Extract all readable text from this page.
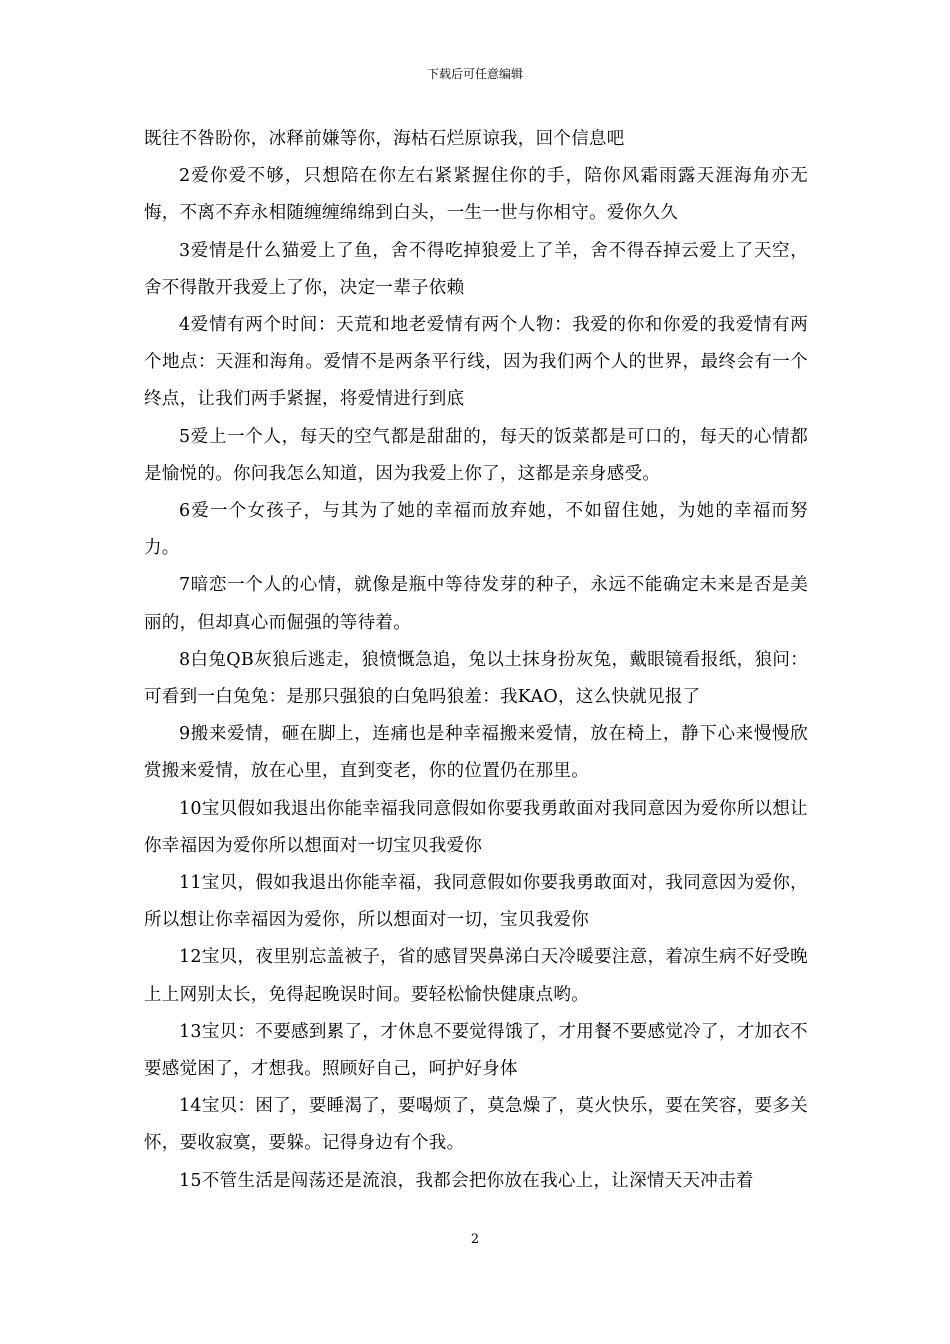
下载后可任意编辑

既往不咎盼你，冰释前嫌等你，海枯石烂原谅我，回个信息吧

2爱你爱不够，只想陪在你左右紧紧握住你的手，陪你风霜雨露天涯海角亦无悔，不离不弃永相随缠缠绵绵到白头，一生一世与你相守。爱你久久

3爱情是什么猫爱上了鱼，舍不得吃掉狼爱上了羊，舍不得吞掉云爱上了天空，舍不得散开我爱上了你，决定一辈子依赖

4爱情有两个时间：天荒和地老爱情有两个人物：我爱的你和你爱的我爱情有两个地点：天涯和海角。爱情不是两条平行线，因为我们两个人的世界，最终会有一个终点，让我们两手紧握，将爱情进行到底

5爱上一个人，每天的空气都是甜甜的，每天的饭菜都是可口的，每天的心情都是愉悦的。你问我怎么知道，因为我爱上你了，这都是亲身感受。

6爱一个女孩子，与其为了她的幸福而放弃她，不如留住她，为她的幸福而努力。

7暗恋一个人的心情，就像是瓶中等待发芽的种子，永远不能确定未来是否是美丽的，但却真心而倔强的等待着。

8白兔QB灰狼后逃走，狼愤慨急追，兔以土抹身扮灰兔，戴眼镜看报纸，狼问：可看到一白兔兔：是那只强狼的白兔吗狼羞：我KAO，这么快就见报了

9搬来爱情，砸在脚上，连痛也是种幸福搬来爱情，放在椅上，静下心来慢慢欣赏搬来爱情，放在心里，直到变老，你的位置仍在那里。

10宝贝假如我退出你能幸福我同意假如你要我勇敢面对我同意因为爱你所以想让你幸福因为爱你所以想面对一切宝贝我爱你

11宝贝，假如我退出你能幸福，我同意假如你要我勇敢面对，我同意因为爱你，所以想让你幸福因为爱你，所以想面对一切，宝贝我爱你

12宝贝，夜里别忘盖被子，省的感冒哭鼻涕白天冷暖要注意，着凉生病不好受晚上上网别太长，免得起晚误时间。要轻松愉快健康点哟。

13宝贝：不要感到累了，才休息不要觉得饿了，才用餐不要感觉冷了，才加衣不要感觉困了，才想我。照顾好自己，呵护好身体

14宝贝：困了，要睡渴了，要喝烦了，莫急燥了，莫火快乐，要在笑容，要多关怀，要收寂寞，要躲。记得身边有个我。

15不管生活是闯荡还是流浪，我都会把你放在我心上，让深情天天冲击着

2
